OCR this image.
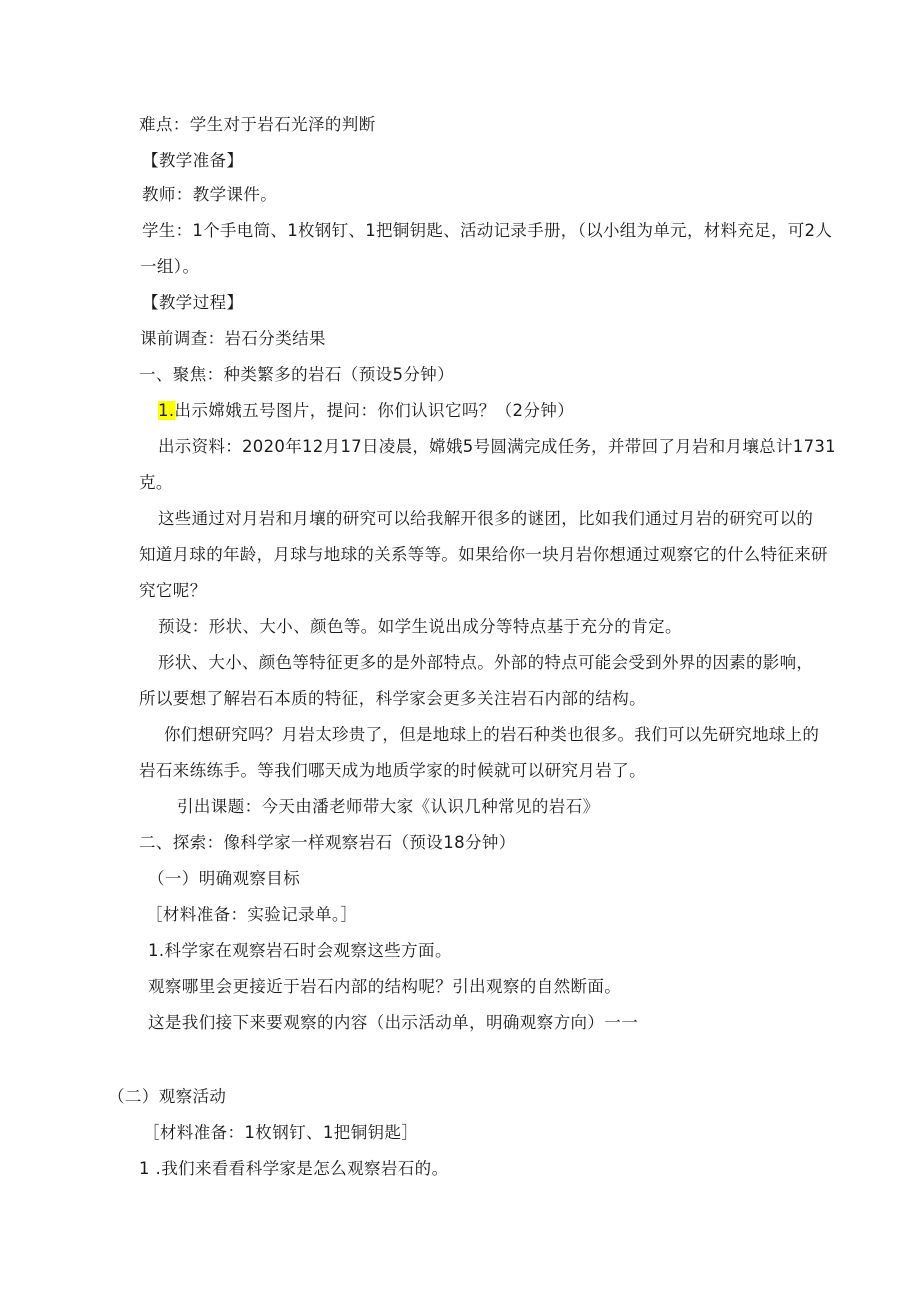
难点：学生对于岩石光泽的判断
【教学准备】
教师：教学课件。
学生：1个手电筒、1枚钢钉、1把铜钥匙、活动记录手册，（以小组为单元，材料充足，可2人
一组）。
【教学过程】
课前调查：岩石分类结果
一、聚焦：种类繁多的岩石（预设5分钟）
1.出示嫦娥五号图片，提问：你们认识它吗？（2分钟）
出示资料：2020年12月17日凌晨，嫦娥5号圆满完成任务，并带回了月岩和月壤总计1731
克。
这些通过对月岩和月壤的研究可以给我解开很多的谜团，比如我们通过月岩的研究可以的
知道月球的年龄，月球与地球的关系等等。如果给你一块月岩你想通过观察它的什么特征来研
究它呢？
预设：形状、大小、颜色等。如学生说出成分等特点基于充分的肯定。
形状、大小、颜色等特征更多的是外部特点。外部的特点可能会受到外界的因素的影响，
所以要想了解岩石本质的特征，科学家会更多关注岩石内部的结构。
你们想研究吗？月岩太珍贵了，但是地球上的岩石种类也很多。我们可以先研究地球上的
岩石来练练手。等我们哪天成为地质学家的时候就可以研究月岩了。
引出课题：今天由潘老师带大家《认识几种常见的岩石》
二、探索：像科学家一样观察岩石（预设18分钟）
（一）明确观察目标
［材料准备：实验记录单。］
1.科学家在观察岩石时会观察这些方面。
观察哪里会更接近于岩石内部的结构呢？引出观察的自然断面。
这是我们接下来要观察的内容（出示活动单，明确观察方向）一一
（二）观察活动
［材料准备：1枚钢钉、1把铜钥匙］
1 .我们来看看科学家是怎么观察岩石的。
